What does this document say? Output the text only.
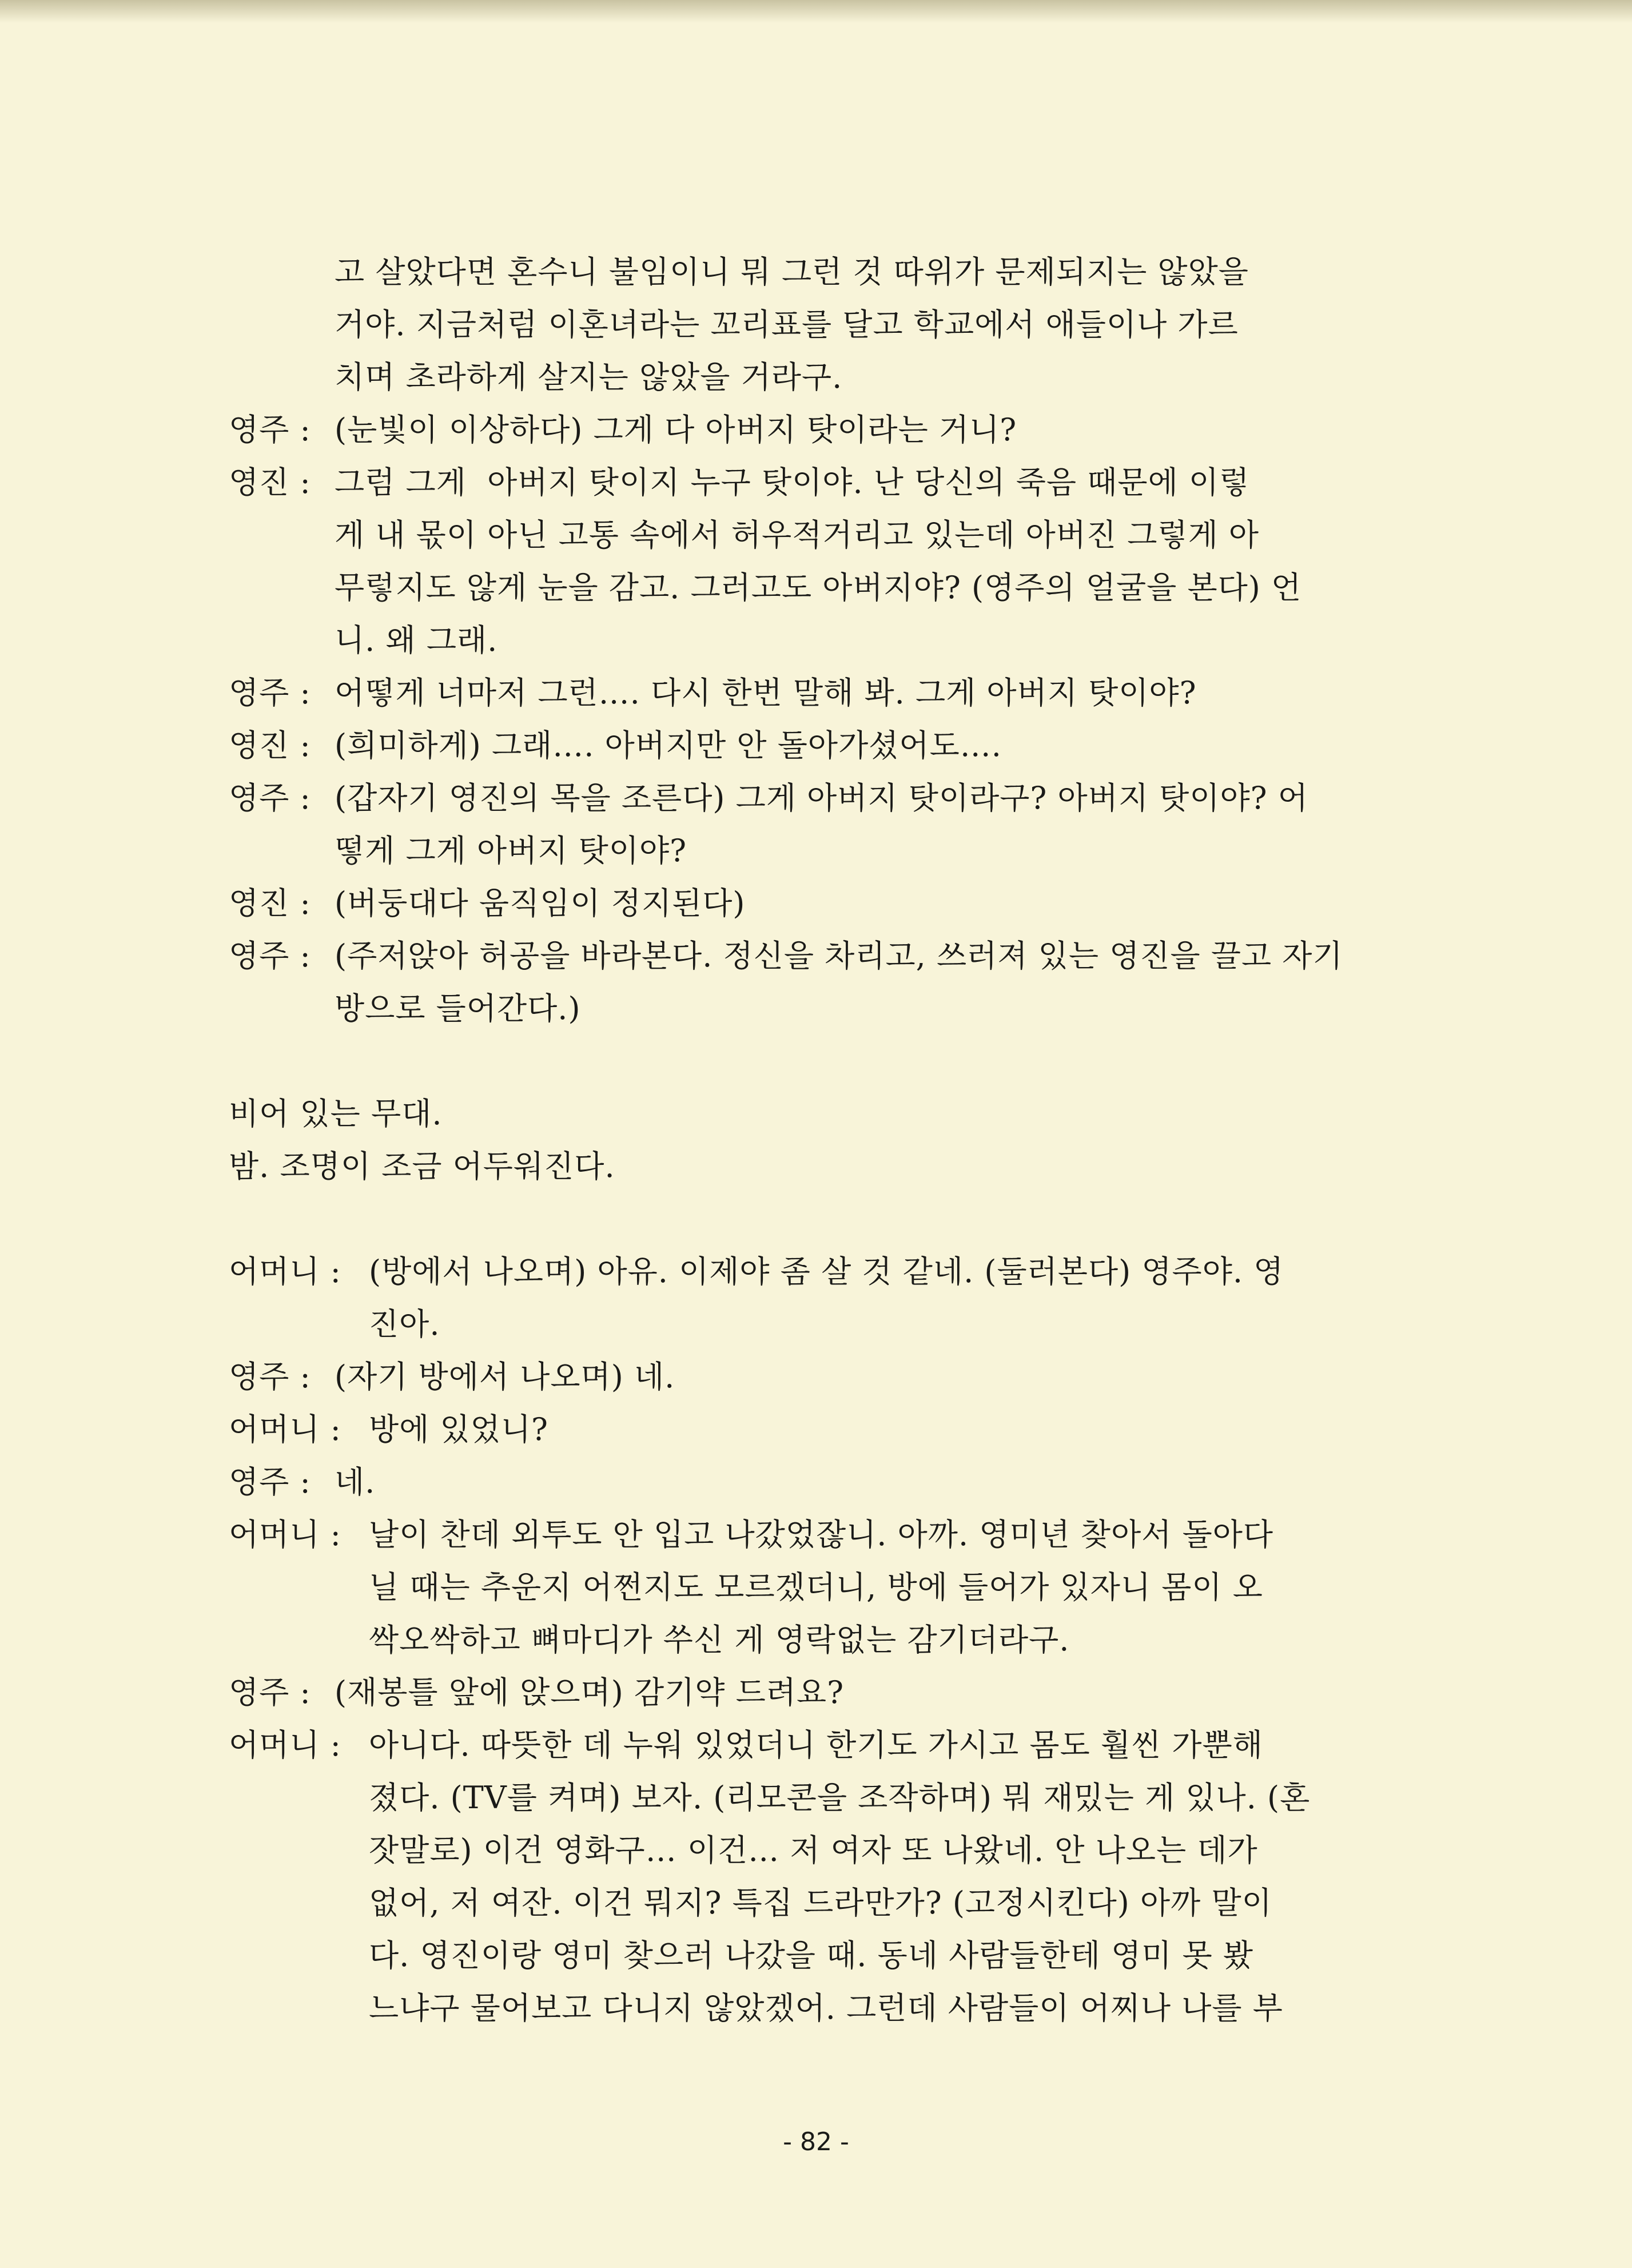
고 살았다면 혼수니 불임이니 뭐 그런 것 따위가 문제되지는 않았을
거야. 지금처럼 이혼녀라는 꼬리표를 달고 학교에서 애들이나 가르
치며 초라하게 살지는 않았을 거라구.
영주 : (눈빛이 이상하다) 그게 다 아버지 탓이라는 거니?
영진 : 그럼 그게  아버지 탓이지 누구 탓이야. 난 당신의 죽음 때문에 이렇
게 내 몫이 아닌 고통 속에서 허우적거리고 있는데 아버진 그렇게 아
무렇지도 않게 눈을 감고. 그러고도 아버지야? (영주의 얼굴을 본다) 언
니. 왜 그래.
영주 : 어떻게 너마저 그런…. 다시 한번 말해 봐. 그게 아버지 탓이야?
영진 : (희미하게) 그래…. 아버지만 안 돌아가셨어도….
영주 : (갑자기 영진의 목을 조른다) 그게 아버지 탓이라구? 아버지 탓이야? 어
떻게 그게 아버지 탓이야?
영진 : (버둥대다 움직임이 정지된다)
영주 : (주저앉아 허공을 바라본다. 정신을 차리고, 쓰러져 있는 영진을 끌고 자기
방으로 들어간다.)
비어 있는 무대.
밤. 조명이 조금 어두워진다.
어머니 : (방에서 나오며) 아유. 이제야 좀 살 것 같네. (둘러본다) 영주야. 영
진아.
영주 : (자기 방에서 나오며) 네.
어머니 : 방에 있었니?
영주 : 네.
어머니 : 날이 찬데 외투도 안 입고 나갔었잖니. 아까. 영미년 찾아서 돌아다
닐 때는 추운지 어쩐지도 모르겠더니, 방에 들어가 있자니 몸이 오
싹오싹하고 뼈마디가 쑤신 게 영락없는 감기더라구.
영주 : (재봉틀 앞에 앉으며) 감기약 드려요?
어머니 : 아니다. 따뜻한 데 누워 있었더니 한기도 가시고 몸도 훨씬 가뿐해
졌다. (TV를 켜며) 보자. (리모콘을 조작하며) 뭐 재밌는 게 있나. (혼
잣말로) 이건 영화구… 이건… 저 여자 또 나왔네. 안 나오는 데가
없어, 저 여잔. 이건 뭐지? 특집 드라만가? (고정시킨다) 아까 말이
다. 영진이랑 영미 찾으러 나갔을 때. 동네 사람들한테 영미 못 봤
느냐구 물어보고 다니지 않았겠어. 그런데 사람들이 어찌나 나를 부
- 82 -
